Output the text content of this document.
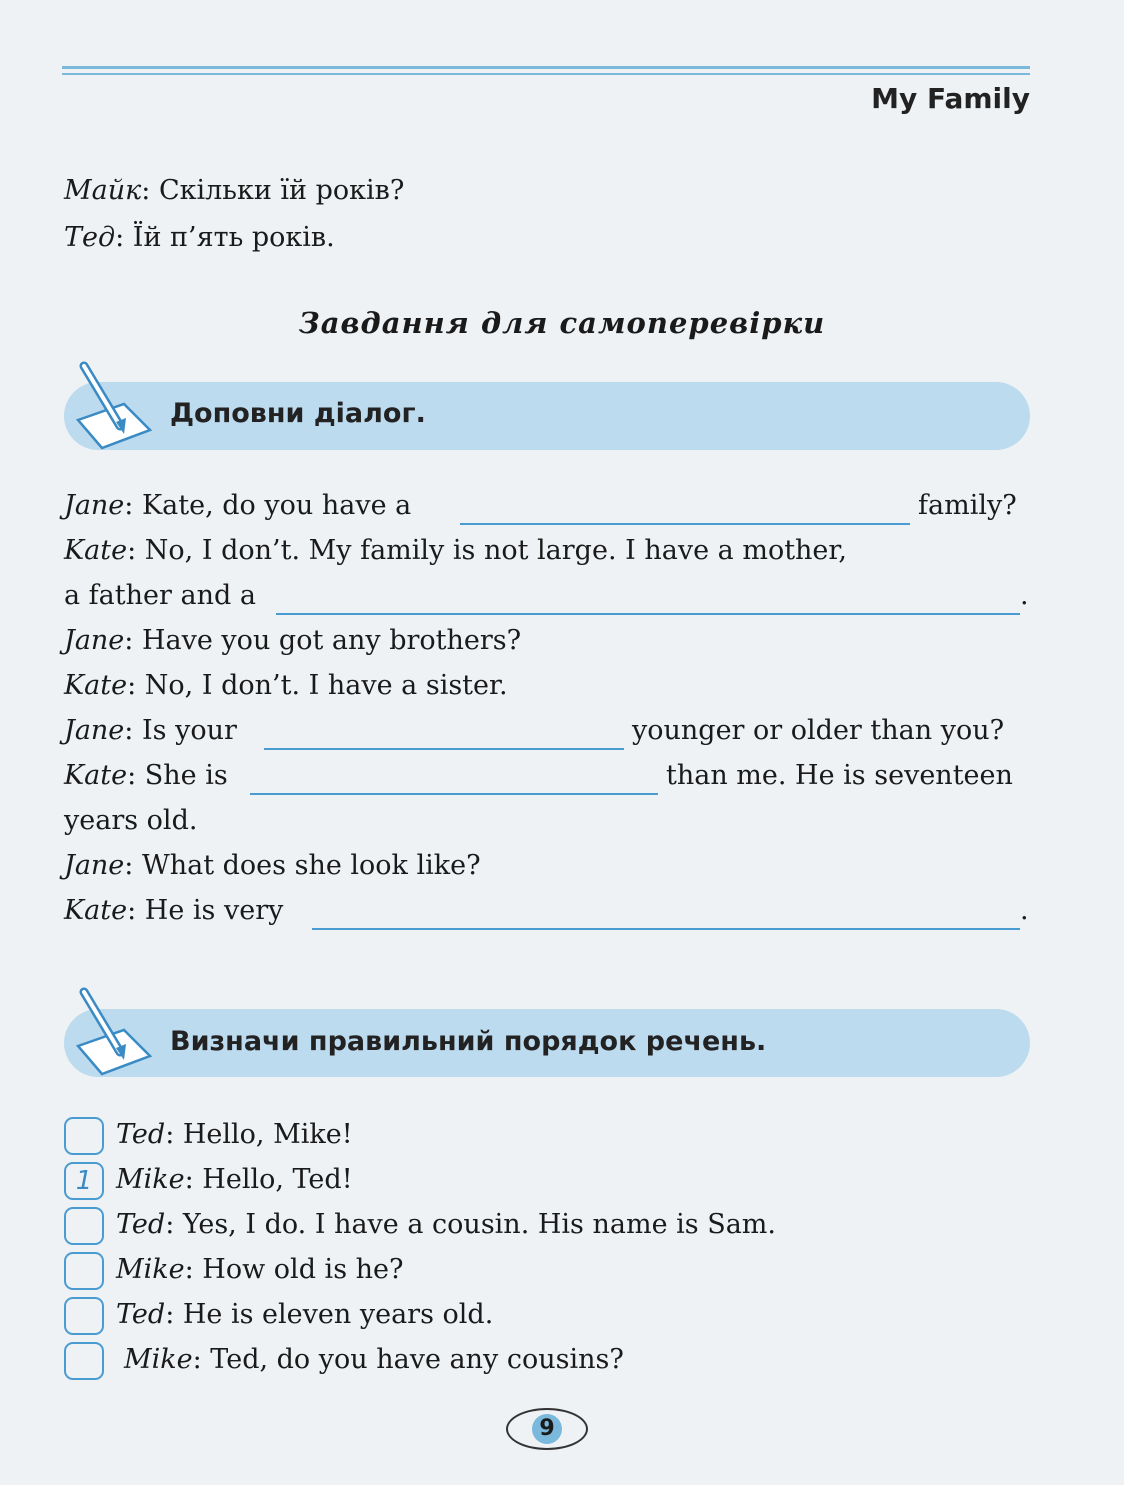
My Family
Майк: Скільки їй років?
Тед: Їй п’ять років.
Завдання для самоперевірки
Доповни діалог.
Jane: Kate, do you have a	family?
Kate: No, I don’t. My family is not large. I have a mother,
a father and a	.
Jane: Have you got any brothers?
Kate: No, I don’t. I have a sister.
Jane: Is your	younger or older than you?
Kate: She is	than me. He is seventeen
years old.
Jane: What does she look like?
Kate: He is very	.
Визначи правильний порядок речень.
Ted: Hello, Mike!
1 Mike: Hello, Ted!
Ted: Yes, I do. I have a cousin. His name is Sam.
Mike: How old is he?
Ted: He is eleven years old.
Mike: Ted, do you have any cousins?
9
